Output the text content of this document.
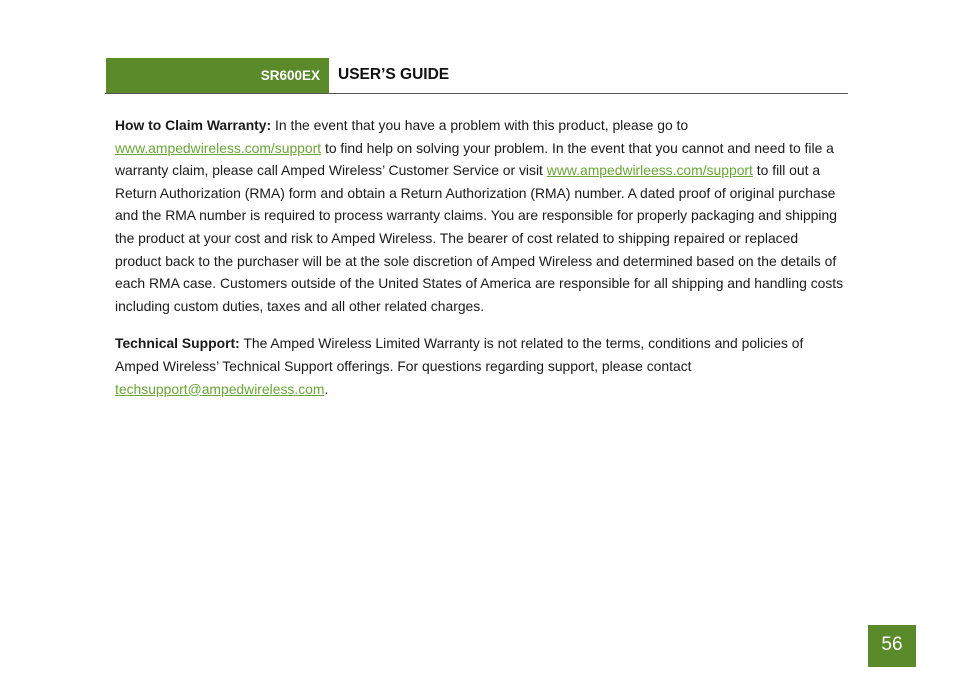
SR600EX	USER’S GUIDE

How to Claim Warranty: In the event that you have a problem with this product, please go to www.ampedwireless.com/support to find help on solving your problem. In the event that you cannot and need to file a warranty claim, please call Amped Wireless’ Customer Service or visit www.ampedwirleess.com/support to fill out a Return Authorization (RMA) form and obtain a Return Authorization (RMA) number. A dated proof of original purchase and the RMA number is required to process warranty claims. You are responsible for properly packaging and shipping the product at your cost and risk to Amped Wireless. The bearer of cost related to shipping repaired or replaced product back to the purchaser will be at the sole discretion of Amped Wireless and determined based on the details of each RMA case. Customers outside of the United States of America are responsible for all shipping and handling costs including custom duties, taxes and all other related charges.

Technical Support: The Amped Wireless Limited Warranty is not related to the terms, conditions and policies of Amped Wireless’ Technical Support offerings. For questions regarding support, please contact techsupport@ampedwireless.com.

56
